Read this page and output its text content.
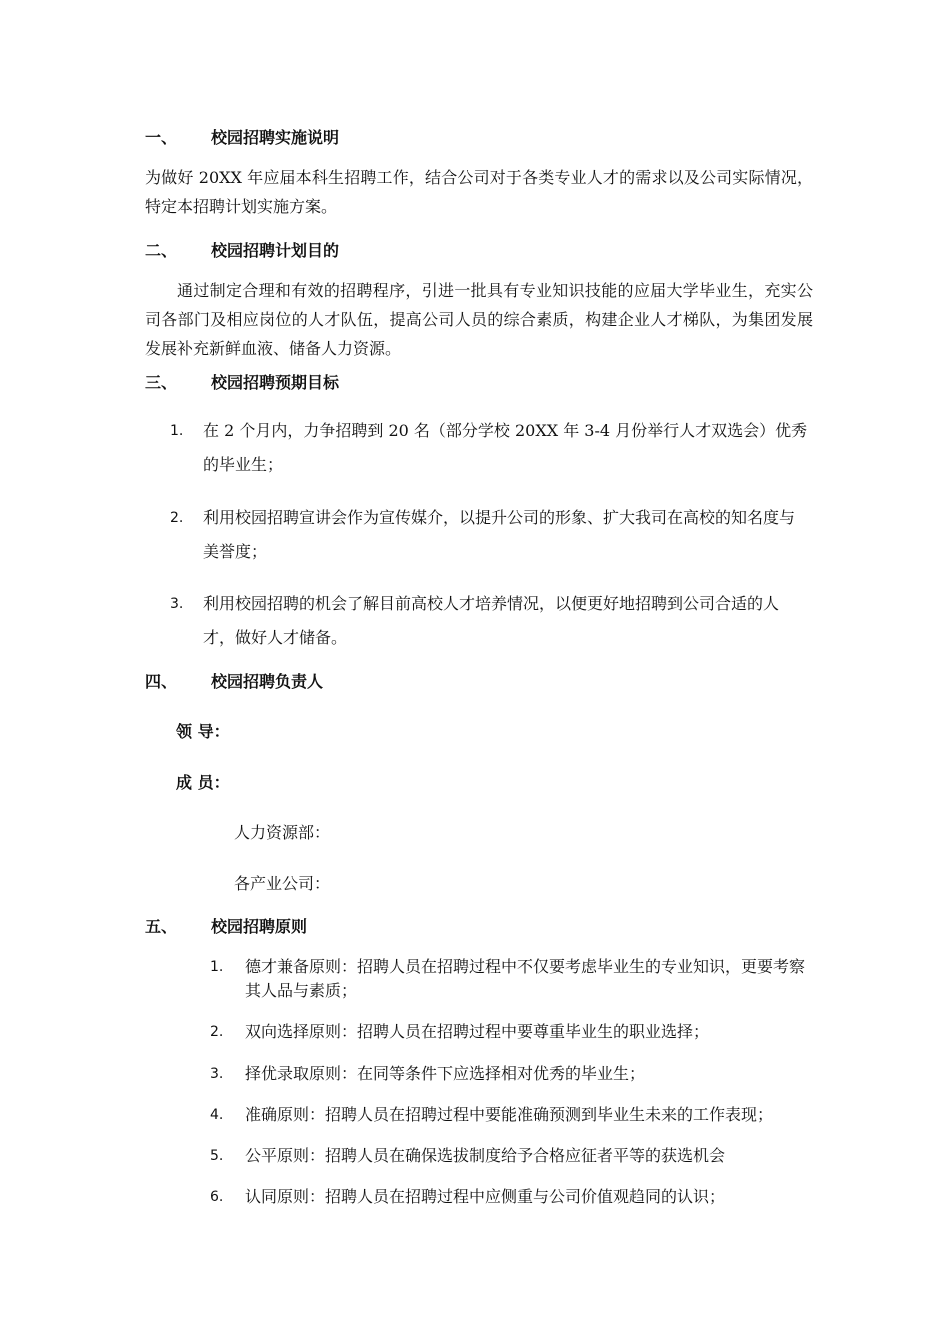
一、 校园招聘实施说明
为做好 20XX 年应届本科生招聘工作，结合公司对于各类专业人才的需求以及公司实际情况，特定本招聘计划实施方案。
二、 校园招聘计划目的
通过制定合理和有效的招聘程序，引进一批具有专业知识技能的应届大学毕业生，充实公司各部门及相应岗位的人才队伍，提高公司人员的综合素质，构建企业人才梯队，为集团发展发展补充新鲜血液、储备人力资源。
三、 校园招聘预期目标
1. 在 2 个月内，力争招聘到 20 名（部分学校 20XX 年 3-4 月份举行人才双选会）优秀的毕业生；
2. 利用校园招聘宣讲会作为宣传媒介，以提升公司的形象、扩大我司在高校的知名度与美誉度；
3. 利用校园招聘的机会了解目前高校人才培养情况，以便更好地招聘到公司合适的人才，做好人才储备。
四、 校园招聘负责人
领 导：
成 员：
人力资源部：
各产业公司：
五、 校园招聘原则
1. 德才兼备原则：招聘人员在招聘过程中不仅要考虑毕业生的专业知识，更要考察其人品与素质；
2. 双向选择原则：招聘人员在招聘过程中要尊重毕业生的职业选择；
3. 择优录取原则：在同等条件下应选择相对优秀的毕业生；
4. 准确原则：招聘人员在招聘过程中要能准确预测到毕业生未来的工作表现；
5. 公平原则：招聘人员在确保选拔制度给予合格应征者平等的获选机会
6. 认同原则：招聘人员在招聘过程中应侧重与公司价值观趋同的认识；
